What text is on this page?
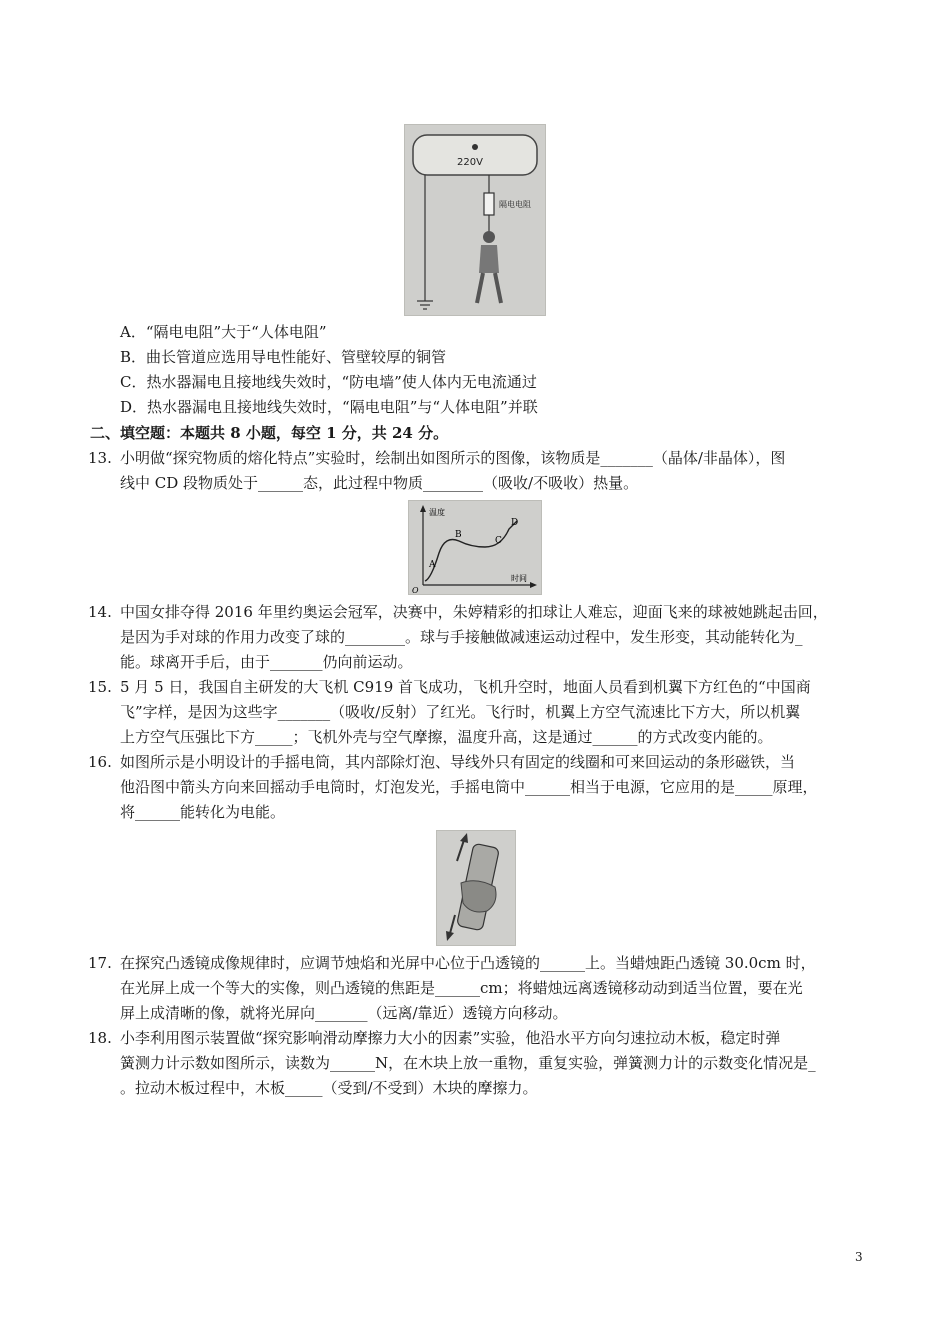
220V
隔电电阻
A．“隔电电阻”大于“人体电阻”
B．曲长管道应选用导电性能好、管壁较厚的铜管
C．热水器漏电且接地线失效时，“防电墙”使人体内无电流通过
D．热水器漏电且接地线失效时，“隔电电阻”与“人体电阻”并联
二、填空题：本题共 8 小题，每空 1 分，共 24 分。
13. 小明做“探究物质的熔化特点”实验时，绘制出如图所示的图像，该物质是_______（晶体/非晶体），图
线中 CD 段物质处于______态，此过程中物质________（吸收/不吸收）热量。
温度
时间
O
A
B
C
D
14. 中国女排夺得 2016 年里约奥运会冠军，决赛中，朱婷精彩的扣球让人难忘，迎面飞来的球被她跳起击回，
是因为手对球的作用力改变了球的________。球与手接触做减速运动过程中，发生形变，其动能转化为_
能。球离开手后，由于_______仍向前运动。
15. 5 月 5 日，我国自主研发的大飞机 C919 首飞成功，飞机升空时，地面人员看到机翼下方红色的“中国商
飞”字样，是因为这些字_______（吸收/反射）了红光。飞行时，机翼上方空气流速比下方大，所以机翼
上方空气压强比下方_____；飞机外壳与空气摩擦，温度升高，这是通过______的方式改变内能的。
16. 如图所示是小明设计的手摇电筒，其内部除灯泡、导线外只有固定的线圈和可来回运动的条形磁铁，当
他沿图中箭头方向来回摇动手电筒时，灯泡发光，手摇电筒中______相当于电源，它应用的是_____原理，
将______能转化为电能。
17. 在探究凸透镜成像规律时，应调节烛焰和光屏中心位于凸透镜的______上。当蜡烛距凸透镜 30.0cm 时，
在光屏上成一个等大的实像，则凸透镜的焦距是______cm；将蜡烛远离透镜移动动到适当位置，要在光
屏上成清晰的像，就将光屏向_______（远离/靠近）透镜方向移动。
18. 小李利用图示装置做“探究影响滑动摩擦力大小的因素”实验，他沿水平方向匀速拉动木板，稳定时弹
簧测力计示数如图所示，读数为______N，在木块上放一重物，重复实验，弹簧测力计的示数变化情况是_
。拉动木板过程中，木板_____（受到/不受到）木块的摩擦力。
3
